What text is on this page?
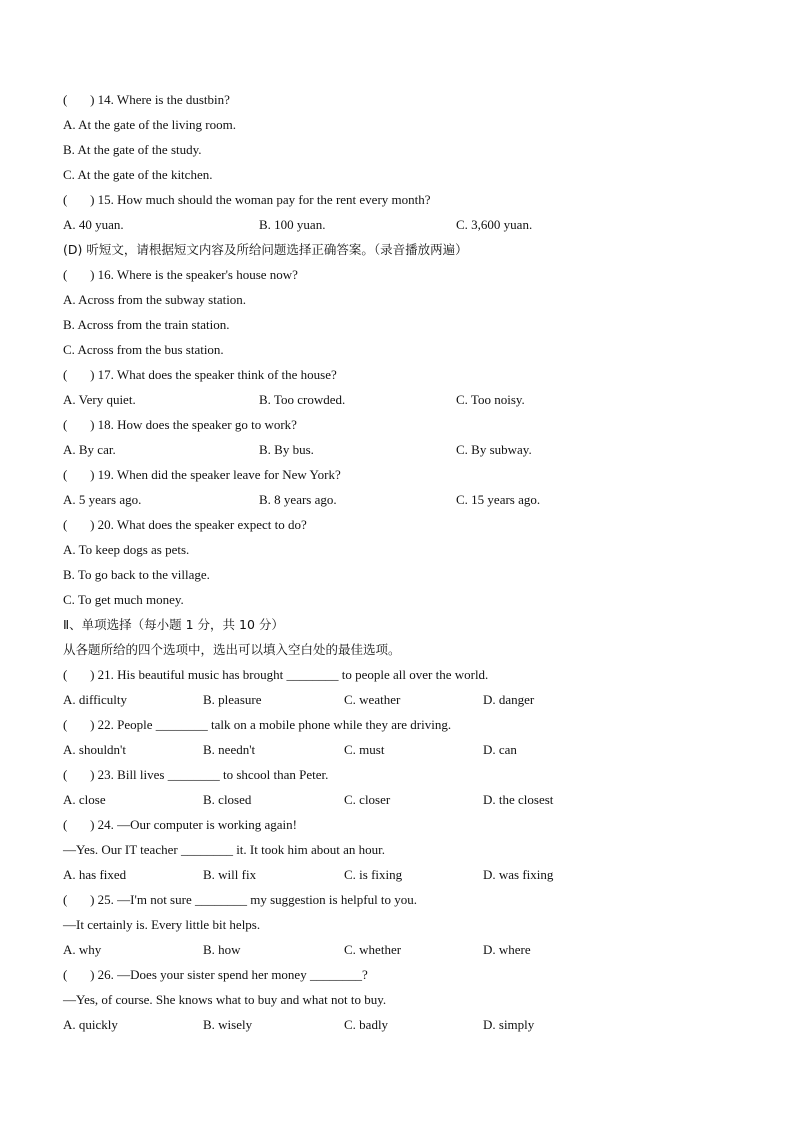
(       ) 14. Where is the dustbin?
A. At the gate of the living room.
B. At the gate of the study.
C. At the gate of the kitchen.
(       ) 15. How much should the woman pay for the rent every month?
A. 40 yuan.	B. 100 yuan.	C. 3,600 yuan.
(D) 听短文，请根据短文内容及所给问题选择正确答案。（录音播放两遍）
(       ) 16. Where is the speaker's house now?
A. Across from the subway station.
B. Across from the train station.
C. Across from the bus station.
(       ) 17. What does the speaker think of the house?
A. Very quiet.	B. Too crowded.	C. Too noisy.
(       ) 18. How does the speaker go to work?
A. By car.	B. By bus.	C. By subway.
(       ) 19. When did the speaker leave for New York?
A. 5 years ago.	B. 8 years ago.	C. 15 years ago.
(       ) 20. What does the speaker expect to do?
A. To keep dogs as pets.
B. To go back to the village.
C. To get much money.
Ⅱ、单项选择（每小题 1 分，共 10 分）
从各题所给的四个选项中，选出可以填入空白处的最佳选项。
(       ) 21. His beautiful music has brought ________ to people all over the world.
A. difficulty	B. pleasure	C. weather	D. danger
(       ) 22. People ________ talk on a mobile phone while they are driving.
A. shouldn't	B. needn't	C. must	D. can
(       ) 23. Bill lives ________ to shcool than Peter.
A. close	B. closed	C. closer	D. the closest
(       ) 24. —Our computer is working again!
—Yes. Our IT teacher ________ it. It took him about an hour.
A. has fixed	B. will fix	C. is fixing	D. was fixing
(       ) 25. —I'm not sure ________ my suggestion is helpful to you.
—It certainly is. Every little bit helps.
A. why	B. how	C. whether	D. where
(       ) 26. —Does your sister spend her money ________?
—Yes, of course. She knows what to buy and what not to buy.
A. quickly	B. wisely	C. badly	D. simply
